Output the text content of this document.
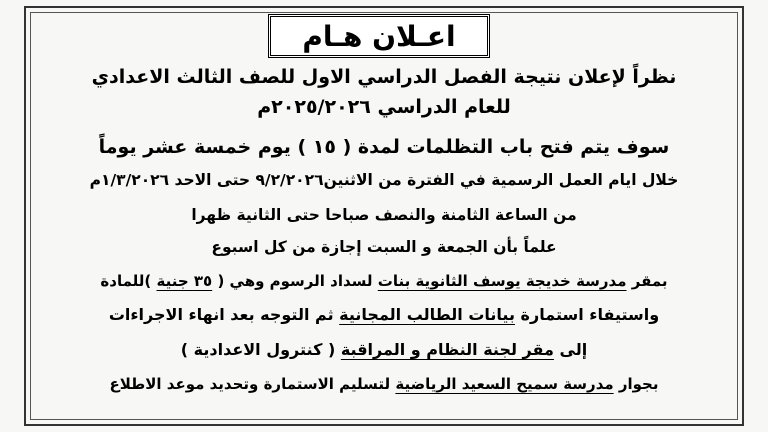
اعـلان هـام
نظراً لإعلان نتيجة الفصل الدراسي الاول للصف الثالث الاعدادي
للعام الدراسي ٢٠٢٥/٢٠٢٦م
سوف يتم فتح باب التظلمات لمدة ( ١٥ ) يوم خمسة عشر يوماً
خلال ايام العمل الرسمية في الفترة من الاثنين٩/٢/٢٠٢٦ حتى الاحد ١/٣/٢٠٢٦م
من الساعة الثامنة والنصف صباحا حتى الثانية ظهرا
علماً بأن الجمعة و السبت إجازة من كل اسبوع
بمقر مدرسة خديجة يوسف الثانوية بنات لسداد الرسوم وهي ( ٣٥ جنية )للمادة
واستيفاء استمارة بيانات الطالب المجانية ثم التوجه بعد انهاء الاجراءات
إلى مقر لجنة النظام و المراقبة ( كنترول الاعدادية )
بجوار مدرسة سميح السعيد الرياضية لتسليم الاستمارة وتحديد موعد الاطلاع
